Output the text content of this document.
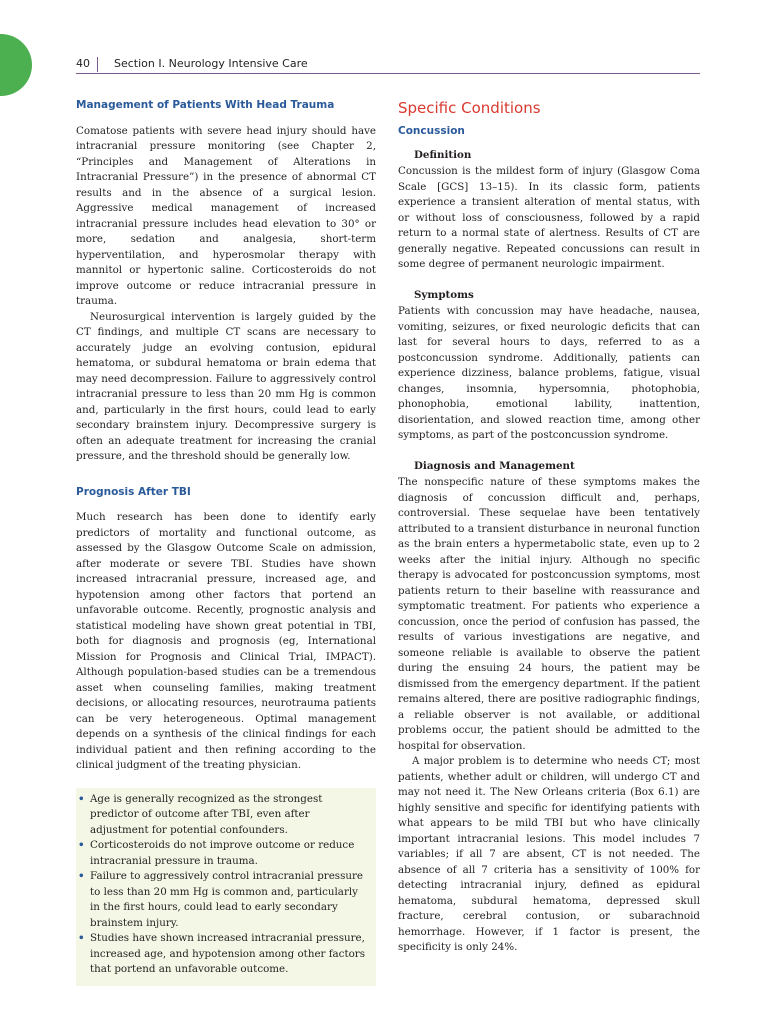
40 Section I. Neurology Intensive Care
Management of Patients With Head Trauma

Comatose patients with severe head injury should have intracranial pressure monitoring (see Chapter 2, “Principles and Management of Alterations in Intracranial Pressure”) in the presence of abnormal CT results and in the absence of a surgical lesion. Aggressive medical management of increased intracranial pressure includes head elevation to 30° or more, sedation and analgesia, short-term hyperventilation, and hyperosmolar therapy with mannitol or hypertonic saline. Corticosteroids do not improve outcome or reduce intracranial pressure in trauma.

Neurosurgical intervention is largely guided by the CT findings, and multiple CT scans are necessary to accurately judge an evolving contusion, epidural hematoma, or subdural hematoma or brain edema that may need decompression. Failure to aggressively control intracranial pressure to less than 20 mm Hg is common and, particularly in the first hours, could lead to early secondary brainstem injury. Decompressive surgery is often an adequate treatment for increasing the cranial pressure, and the threshold should be generally low.

Prognosis After TBI

Much research has been done to identify early predictors of mortality and functional outcome, as assessed by the Glasgow Outcome Scale on admission, after moderate or severe TBI. Studies have shown increased intracranial pressure, increased age, and hypotension among other factors that portend an unfavorable outcome. Recently, prognostic analysis and statistical modeling have shown great potential in TBI, both for diagnosis and prognosis (eg, International Mission for Prognosis and Clinical Trial, IMPACT). Although population-based studies can be a tremendous asset when counseling families, making treatment decisions, or allocating resources, neurotrauma patients can be very heterogeneous. Optimal management depends on a synthesis of the clinical findings for each individual patient and then refining according to the clinical judgment of the treating physician.

• Age is generally recognized as the strongest predictor of outcome after TBI, even after adjustment for potential confounders.
• Corticosteroids do not improve outcome or reduce intracranial pressure in trauma.
• Failure to aggressively control intracranial pressure to less than 20 mm Hg is common and, particularly in the first hours, could lead to early secondary brainstem injury.
• Studies have shown increased intracranial pressure, increased age, and hypotension among other factors that portend an unfavorable outcome.
Specific Conditions
Concussion
Definition

Concussion is the mildest form of injury (Glasgow Coma Scale [GCS] 13–15). In its classic form, patients experience a transient alteration of mental status, with or without loss of consciousness, followed by a rapid return to a normal state of alertness. Results of CT are generally negative. Repeated concussions can result in some degree of permanent neurologic impairment.

Symptoms

Patients with concussion may have headache, nausea, vomiting, seizures, or fixed neurologic deficits that can last for several hours to days, referred to as a postconcussion syndrome. Additionally, patients can experience dizziness, balance problems, fatigue, visual changes, insomnia, hypersomnia, photophobia, phonophobia, emotional lability, inattention, disorientation, and slowed reaction time, among other symptoms, as part of the postconcussion syndrome.

Diagnosis and Management

The nonspecific nature of these symptoms makes the diagnosis of concussion difficult and, perhaps, controversial. These sequelae have been tentatively attributed to a transient disturbance in neuronal function as the brain enters a hypermetabolic state, even up to 2 weeks after the initial injury. Although no specific therapy is advocated for postconcussion symptoms, most patients return to their baseline with reassurance and symptomatic treatment. For patients who experience a concussion, once the period of confusion has passed, the results of various investigations are negative, and someone reliable is available to observe the patient during the ensuing 24 hours, the patient may be dismissed from the emergency department. If the patient remains altered, there are positive radiographic findings, a reliable observer is not available, or additional problems occur, the patient should be admitted to the hospital for observation.

A major problem is to determine who needs CT; most patients, whether adult or children, will undergo CT and may not need it. The New Orleans criteria (Box 6.1) are highly sensitive and specific for identifying patients with what appears to be mild TBI but who have clinically important intracranial lesions. This model includes 7 variables; if all 7 are absent, CT is not needed. The absence of all 7 criteria has a sensitivity of 100% for detecting intracranial injury, defined as epidural hematoma, subdural hematoma, depressed skull fracture, cerebral contusion, or subarachnoid hemorrhage. However, if 1 factor is present, the specificity is only 24%.
